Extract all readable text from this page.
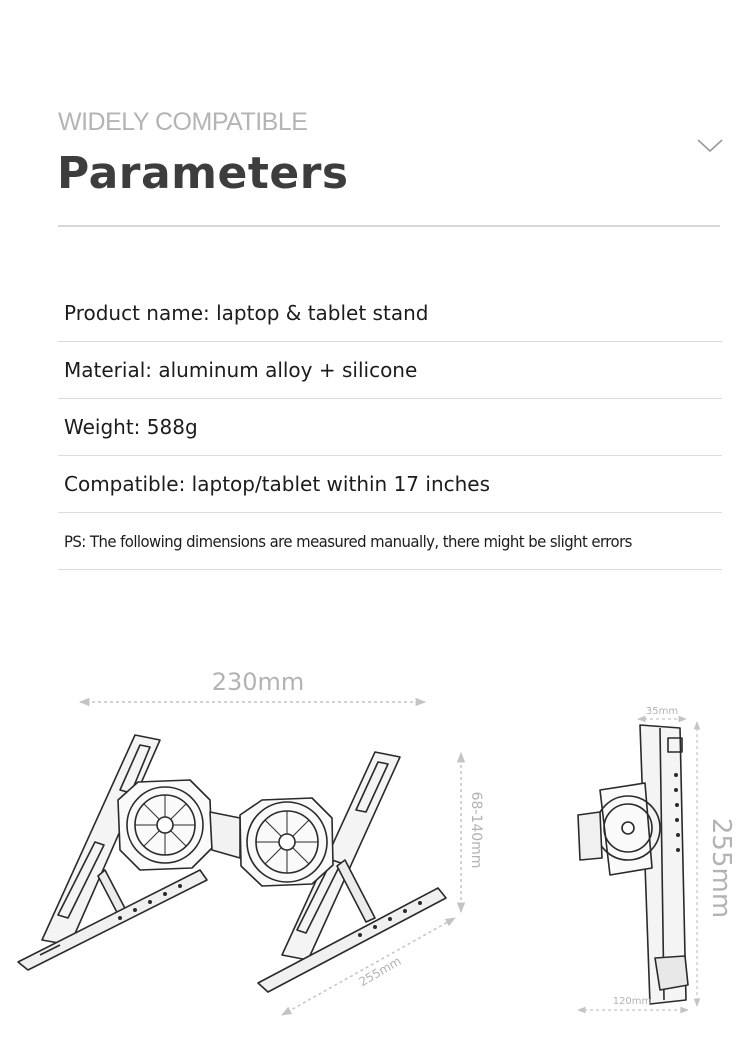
WIDELY COMPATIBLE
Parameters
Product name: laptop & tablet stand
Material: aluminum alloy + silicone
Weight: 588g
Compatible: laptop/tablet within 17 inches
PS: The following dimensions are measured manually, there might be slight errors
230mm
68-140mm
255mm
35mm
255mm
120mm
